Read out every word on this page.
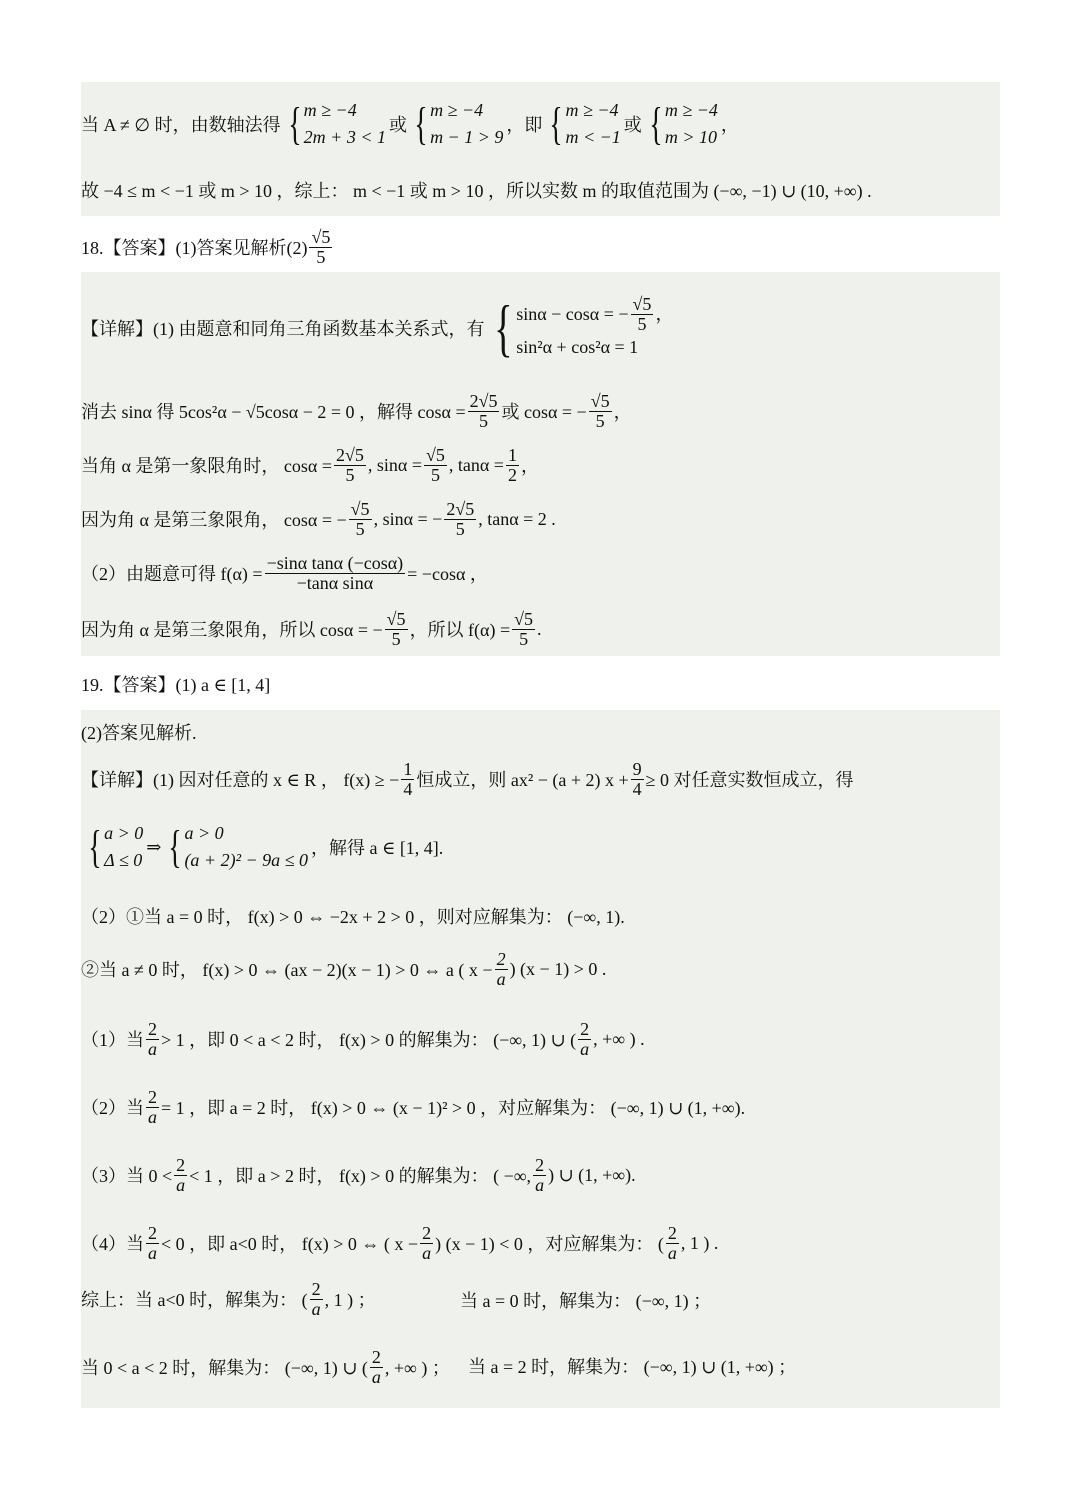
当 A ≠ ∅ 时，由数轴法得 { m ≥ −4
2m + 3 < 1
或 { m ≥ −4
m − 1 > 9
，即 { m ≥ −4
m < −1
或 { m ≥ −4
m > 10
，
故 −4 ≤ m < −1 或 m > 10 ，综上： m < −1 或 m > 10 ，所以实数 m 的取值范围为 (−∞, −1) ∪ (10, +∞) .
18.【答案】(1)答案见解析$(2) \frac{√5}{5}$
【详解】(1) 由题意和同角三角函数基本关系式，有 { sinα − cosα = − $\frac{√5}{5}$ ，
sin²α + cos²α = 1
消去 sinα 得 5cos²α − √5cosα − 2 = 0 ，解得 $\cos\alpha = \frac{2√5}{5}$ 或 cosα = − $\frac{√5}{5}$ ，
当角 α 是第一象限角时， $\cos\alpha = \frac{2√5}{5}$ , $\sin\alpha = \frac{√5}{5}$ , $\tan\alpha = \frac{1}{2}$ ，
因为角 α 是第三象限角， cosα = − $\frac{√5}{5}$ , sinα = − $\frac{2√5}{5}$ , tanα = 2 .
（2）由题意可得 $f(\alpha) = \frac{\text{−sinα tanα (−cosα)}}{\text{−tanα sinα}} = -\cos\alpha$ ，
因为角 α 是第三象限角，所以 cosα = − $\frac{√5}{5}$ ，所以 $f(\alpha) = \frac{√5}{5}$ .
19.【答案】(1) a ∈ [1, 4]
(2)答案见解析.
【详解】(1) 因对任意的 x ∈ R ， f(x) ≥ − $\frac{1}{4}$ 恒成立，则 ax² − (a + 2) $x + \frac{9}{4} \ge 0$ 对任意实数恒成立，得
{ a > 0
Δ ≤ 0
⇒ { a > 0
(a + 2)² − 9a ≤ 0
，解得 a ∈ [1, 4].
（2）①当 a = 0 时， f(x) > 0 ⇔ −2x + 2 > 0 ，则对应解集为： (−∞, 1).
②当 a ≠ 0 时， f(x) > 0 ⇔ (ax − 2)(x − 1) > 0 ⇔ a ( $x - \frac{2}{a}$ ) (x − 1) > 0 .
（1）当 $\frac{2}{a} > 1$ ，即 0 < a < 2 时， f(x) > 0 的解集为： (−∞, 1) ∪ ( $\frac{2}{a}$ , +∞ ) .
（2）当 $\frac{2}{a} = 1$ ，即 a = 2 时， f(x) > 0 ⇔ (x − 1)² > 0 ，对应解集为： (−∞, 1) ∪ (1, +∞).
（3）当 $0 < \frac{2}{a} < 1$ ，即 a > 2 时， f(x) > 0 的解集为： ( −∞, $\frac{2}{a}$ ) ∪ (1, +∞).
（4）当 $\frac{2}{a} < 0$ ，即 a<0 时， f(x) > 0 ⇔ ( $x - \frac{2}{a}$ ) (x − 1) < 0 ，对应解集为： ( $\frac{2}{a}$ , 1 ) .
综上：当 a<0 时，解集为： ( $\frac{2}{a}$ , 1 ) ；	当 a = 0 时，解集为： (−∞, 1) ；
当 0 < a < 2 时，解集为： (−∞, 1) ∪ ( $\frac{2}{a}$ , +∞ ) ； 当 a = 2 时，解集为： (−∞, 1) ∪ (1, +∞) ；
